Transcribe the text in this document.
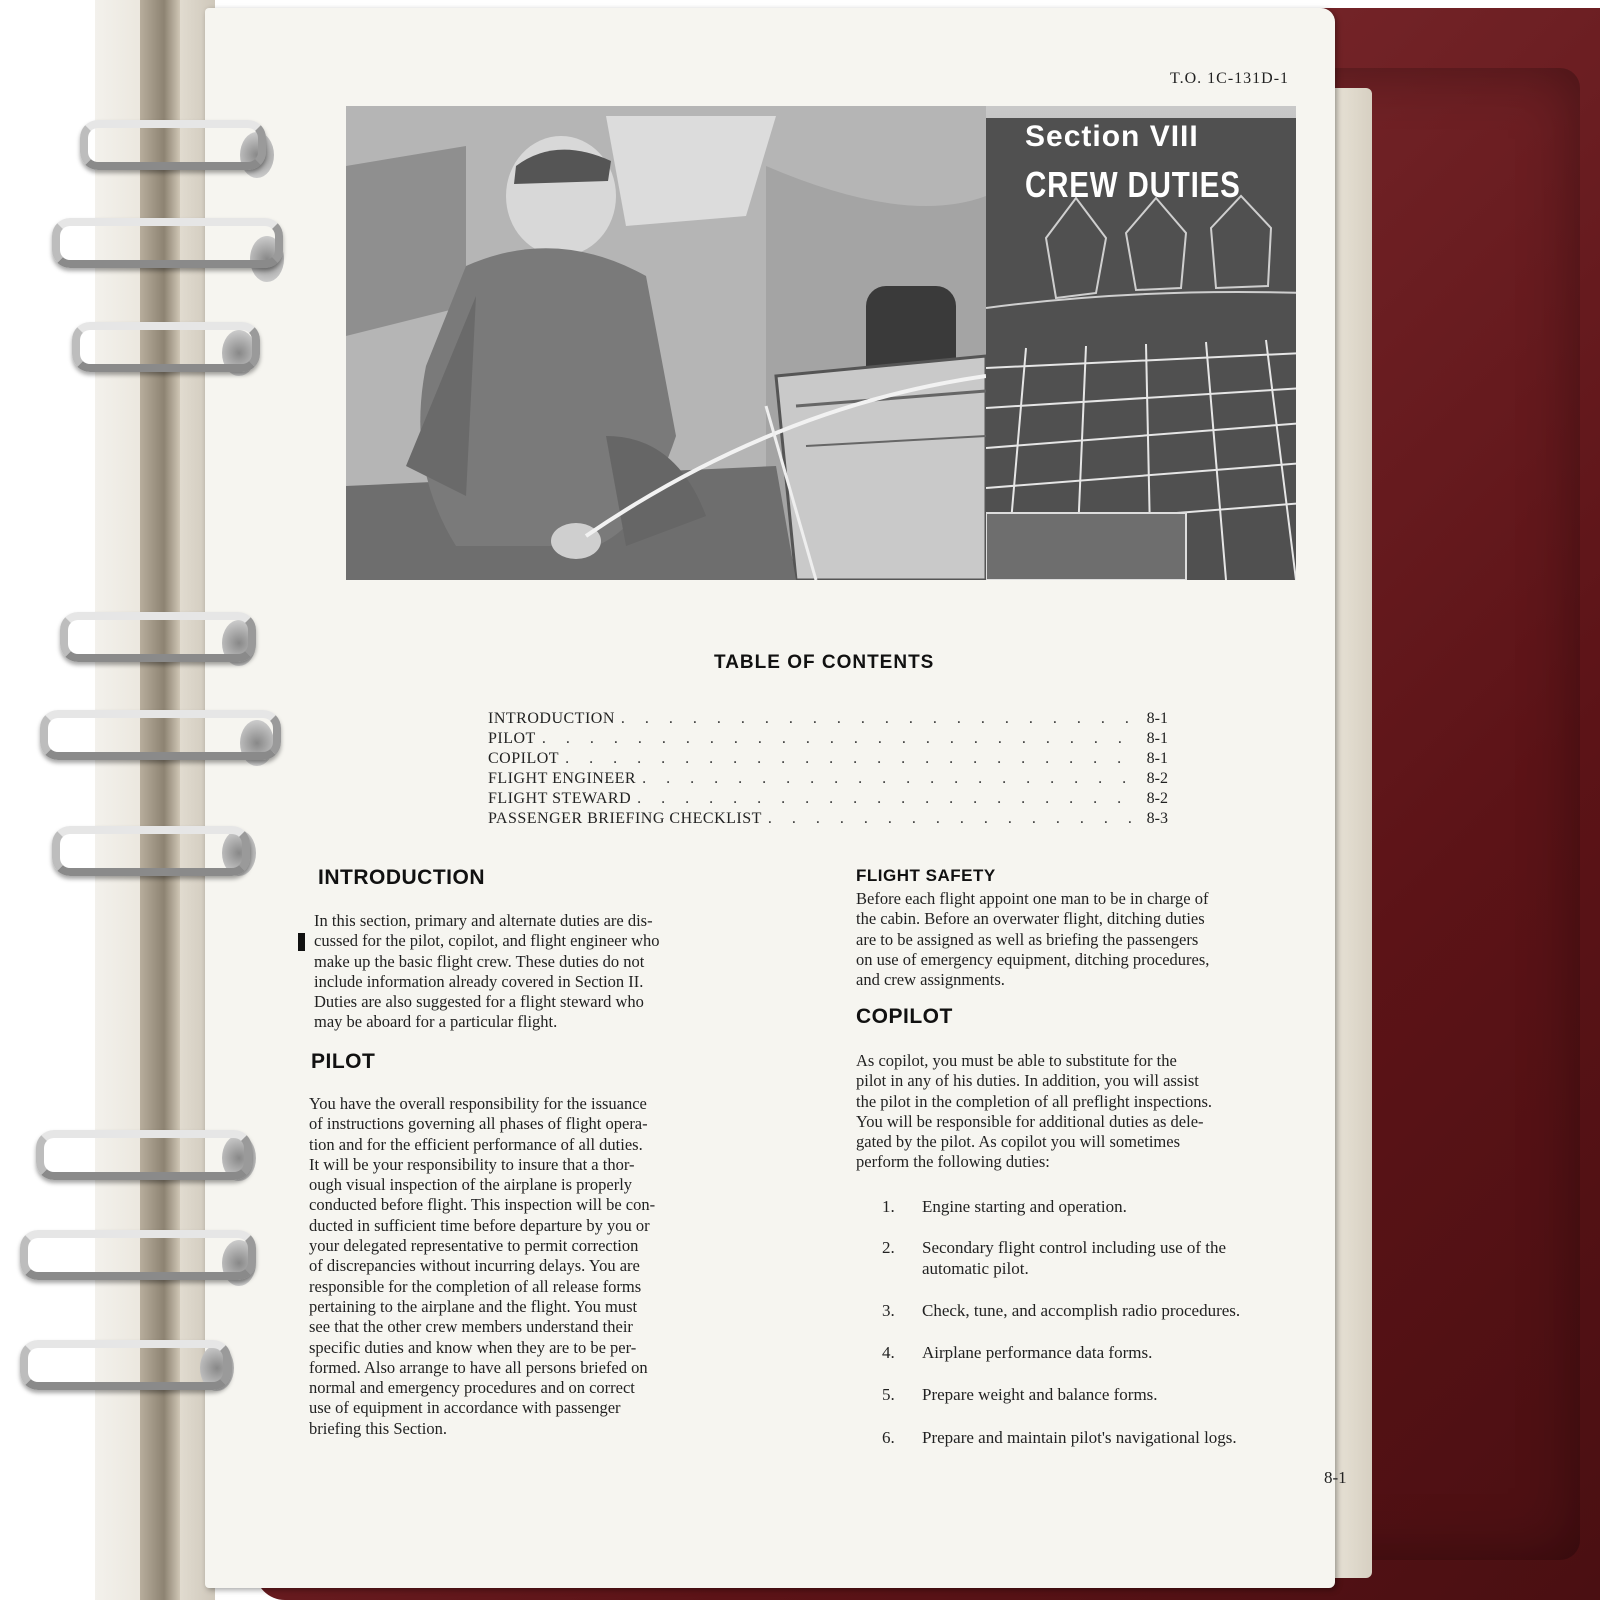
T.O. 1C-131D-1
Section VIII
CREW DUTIES
TABLE OF CONTENTS
INTRODUCTION . . .	8-1
PILOT . . .	8-1
COPILOT . . .	8-1
FLIGHT ENGINEER . . .	8-2
FLIGHT STEWARD . . .	8-2
PASSENGER BRIEFING CHECKLIST . . .	8-3
INTRODUCTION
In this section, primary and alternate duties are dis-
cussed for the pilot, copilot, and flight engineer who
make up the basic flight crew. These duties do not
include information already covered in Section II.
Duties are also suggested for a flight steward who
may be aboard for a particular flight.
PILOT
You have the overall responsibility for the issuance
of instructions governing all phases of flight opera-
tion and for the efficient performance of all duties.
It will be your responsibility to insure that a thor-
ough visual inspection of the airplane is properly
conducted before flight. This inspection will be con-
ducted in sufficient time before departure by you or
your delegated representative to permit correction
of discrepancies without incurring delays. You are
responsible for the completion of all release forms
pertaining to the airplane and the flight. You must
see that the other crew members understand their
specific duties and know when they are to be per-
formed. Also arrange to have all persons briefed on
normal and emergency procedures and on correct
use of equipment in accordance with passenger
briefing this Section.
FLIGHT SAFETY
Before each flight appoint one man to be in charge of
the cabin. Before an overwater flight, ditching duties
are to be assigned as well as briefing the passengers
on use of emergency equipment, ditching procedures,
and crew assignments.
COPILOT
As copilot, you must be able to substitute for the
pilot in any of his duties. In addition, you will assist
the pilot in the completion of all preflight inspections.
You will be responsible for additional duties as dele-
gated by the pilot. As copilot you will sometimes
perform the following duties:
1.	Engine starting and operation.
2.	Secondary flight control including use of the
automatic pilot.
3.	Check, tune, and accomplish radio procedures.
4.	Airplane performance data forms.
5.	Prepare weight and balance forms.
6.	Prepare and maintain pilot's navigational logs.
8-1
